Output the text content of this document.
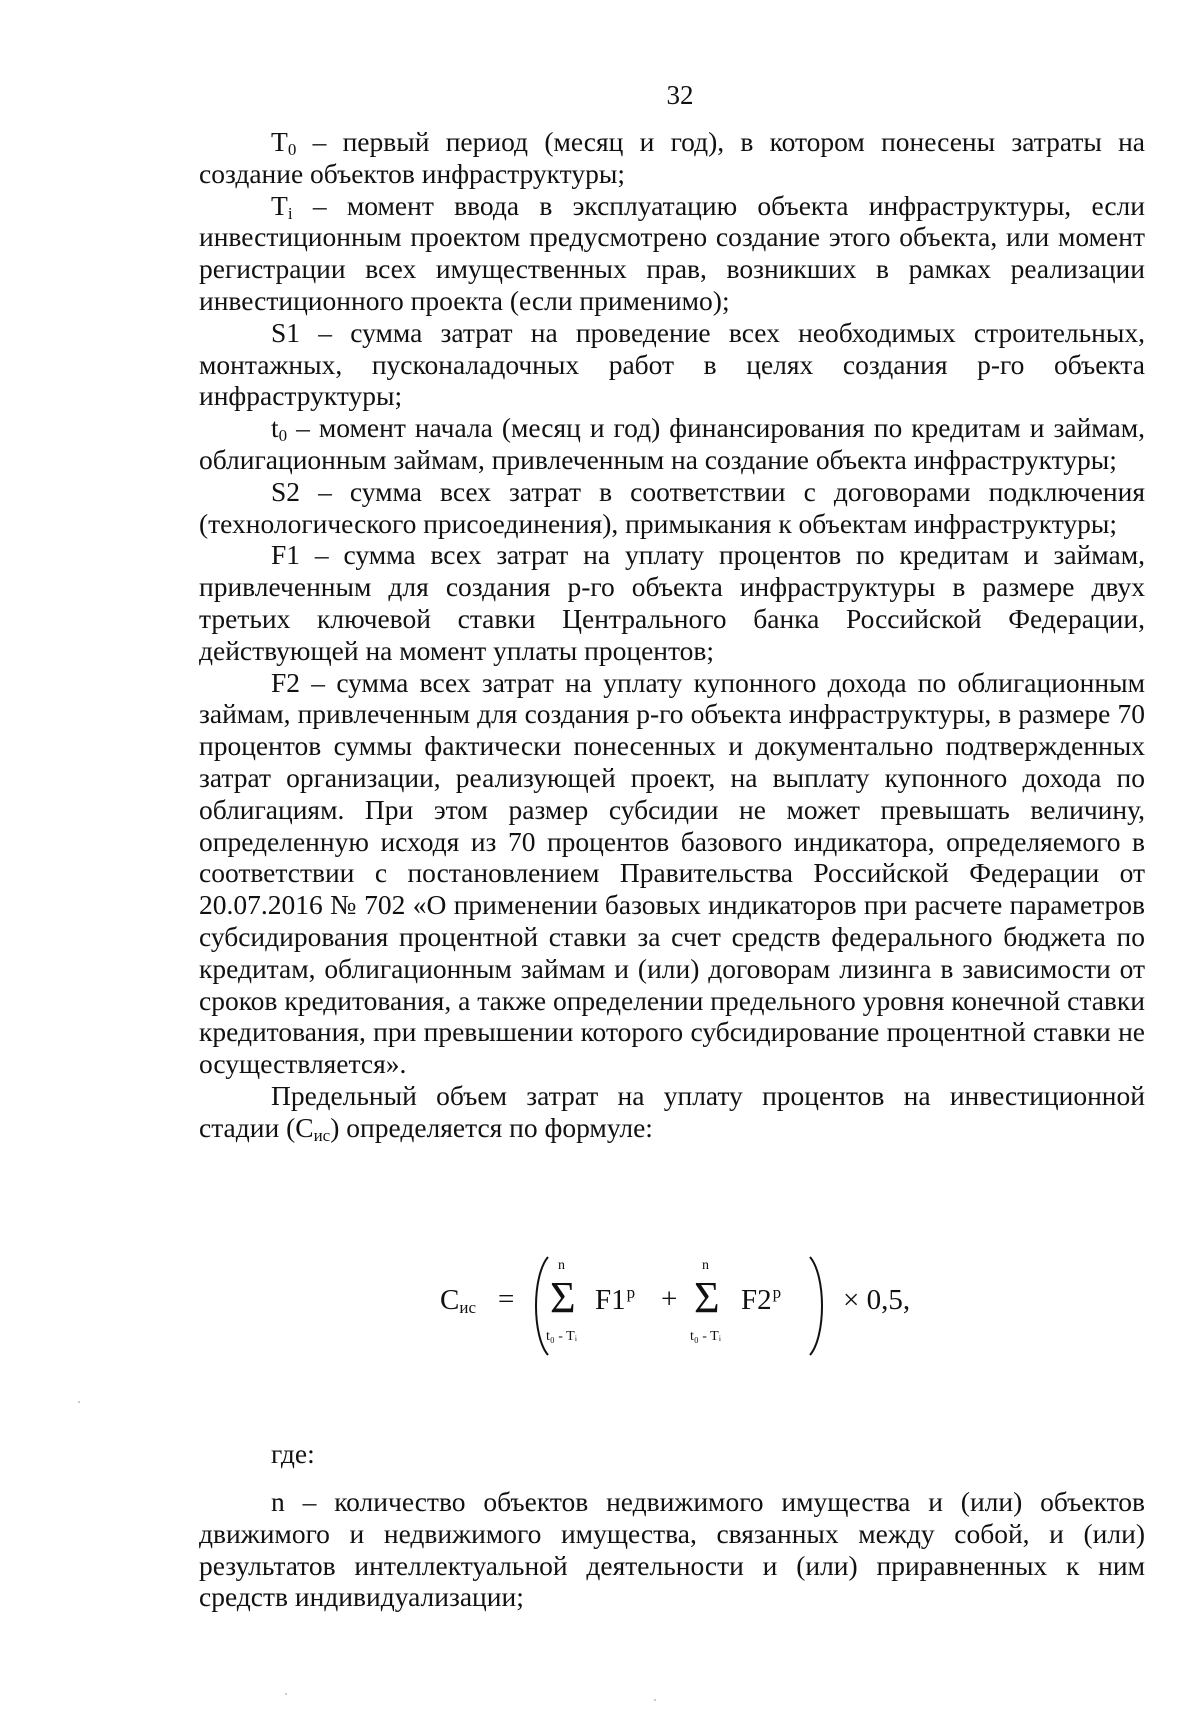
32

$T_0$ – первый период (месяц и год), в котором понесены затраты на создание объектов инфраструктуры;

$T_i$ – момент ввода в эксплуатацию объекта инфраструктуры, если инвестиционным проектом предусмотрено создание этого объекта, или момент регистрации всех имущественных прав, возникших в рамках реализации инвестиционного проекта (если применимо);

S1 – сумма затрат на проведение всех необходимых строительных, монтажных, пусконаладочных работ в целях создания p-го объекта инфраструктуры;

$t_0$ – момент начала (месяц и год) финансирования по кредитам и займам, облигационным займам, привлеченным на создание объекта инфраструктуры;

S2 – сумма всех затрат в соответствии с договорами подключения (технологического присоединения), примыкания к объектам инфраструктуры;

F1 – сумма всех затрат на уплату процентов по кредитам и займам, привлеченным для создания p-го объекта инфраструктуры в размере двух третьих ключевой ставки Центрального банка Российской Федерации, действующей на момент уплаты процентов;

F2 – сумма всех затрат на уплату купонного дохода по облигационным займам, привлеченным для создания p-го объекта инфраструктуры, в размере 70 процентов суммы фактически понесенных и документально подтвержденных затрат организации, реализующей проект, на выплату купонного дохода по облигациям. При этом размер субсидии не может превышать величину, определенную исходя из 70 процентов базового индикатора, определяемого в соответствии с постановлением Правительства Российской Федерации от 20.07.2016 № 702 «О применении базовых индикаторов при расчете параметров субсидирования процентной ставки за счет средств федерального бюджета по кредитам, облигационным займам и (или) договорам лизинга в зависимости от сроков кредитования, а также определении предельного уровня конечной ставки кредитования, при превышении которого субсидирование процентной ставки не осуществляется».

Предельный объем затрат на уплату процентов на инвестиционной стадии $(C_{ис})$ определяется по формуле:

$C_{ис}$ =
n
Σ
t₀ - Tᵢ
$F1^p$ +
n
Σ
t₀ - Tᵢ
$F2^p \times 0,5$,

где:

n – количество объектов недвижимого имущества и (или) объектов движимого и недвижимого имущества, связанных между собой, и (или) результатов интеллектуальной деятельности и (или) приравненных к ним средств индивидуализации;
